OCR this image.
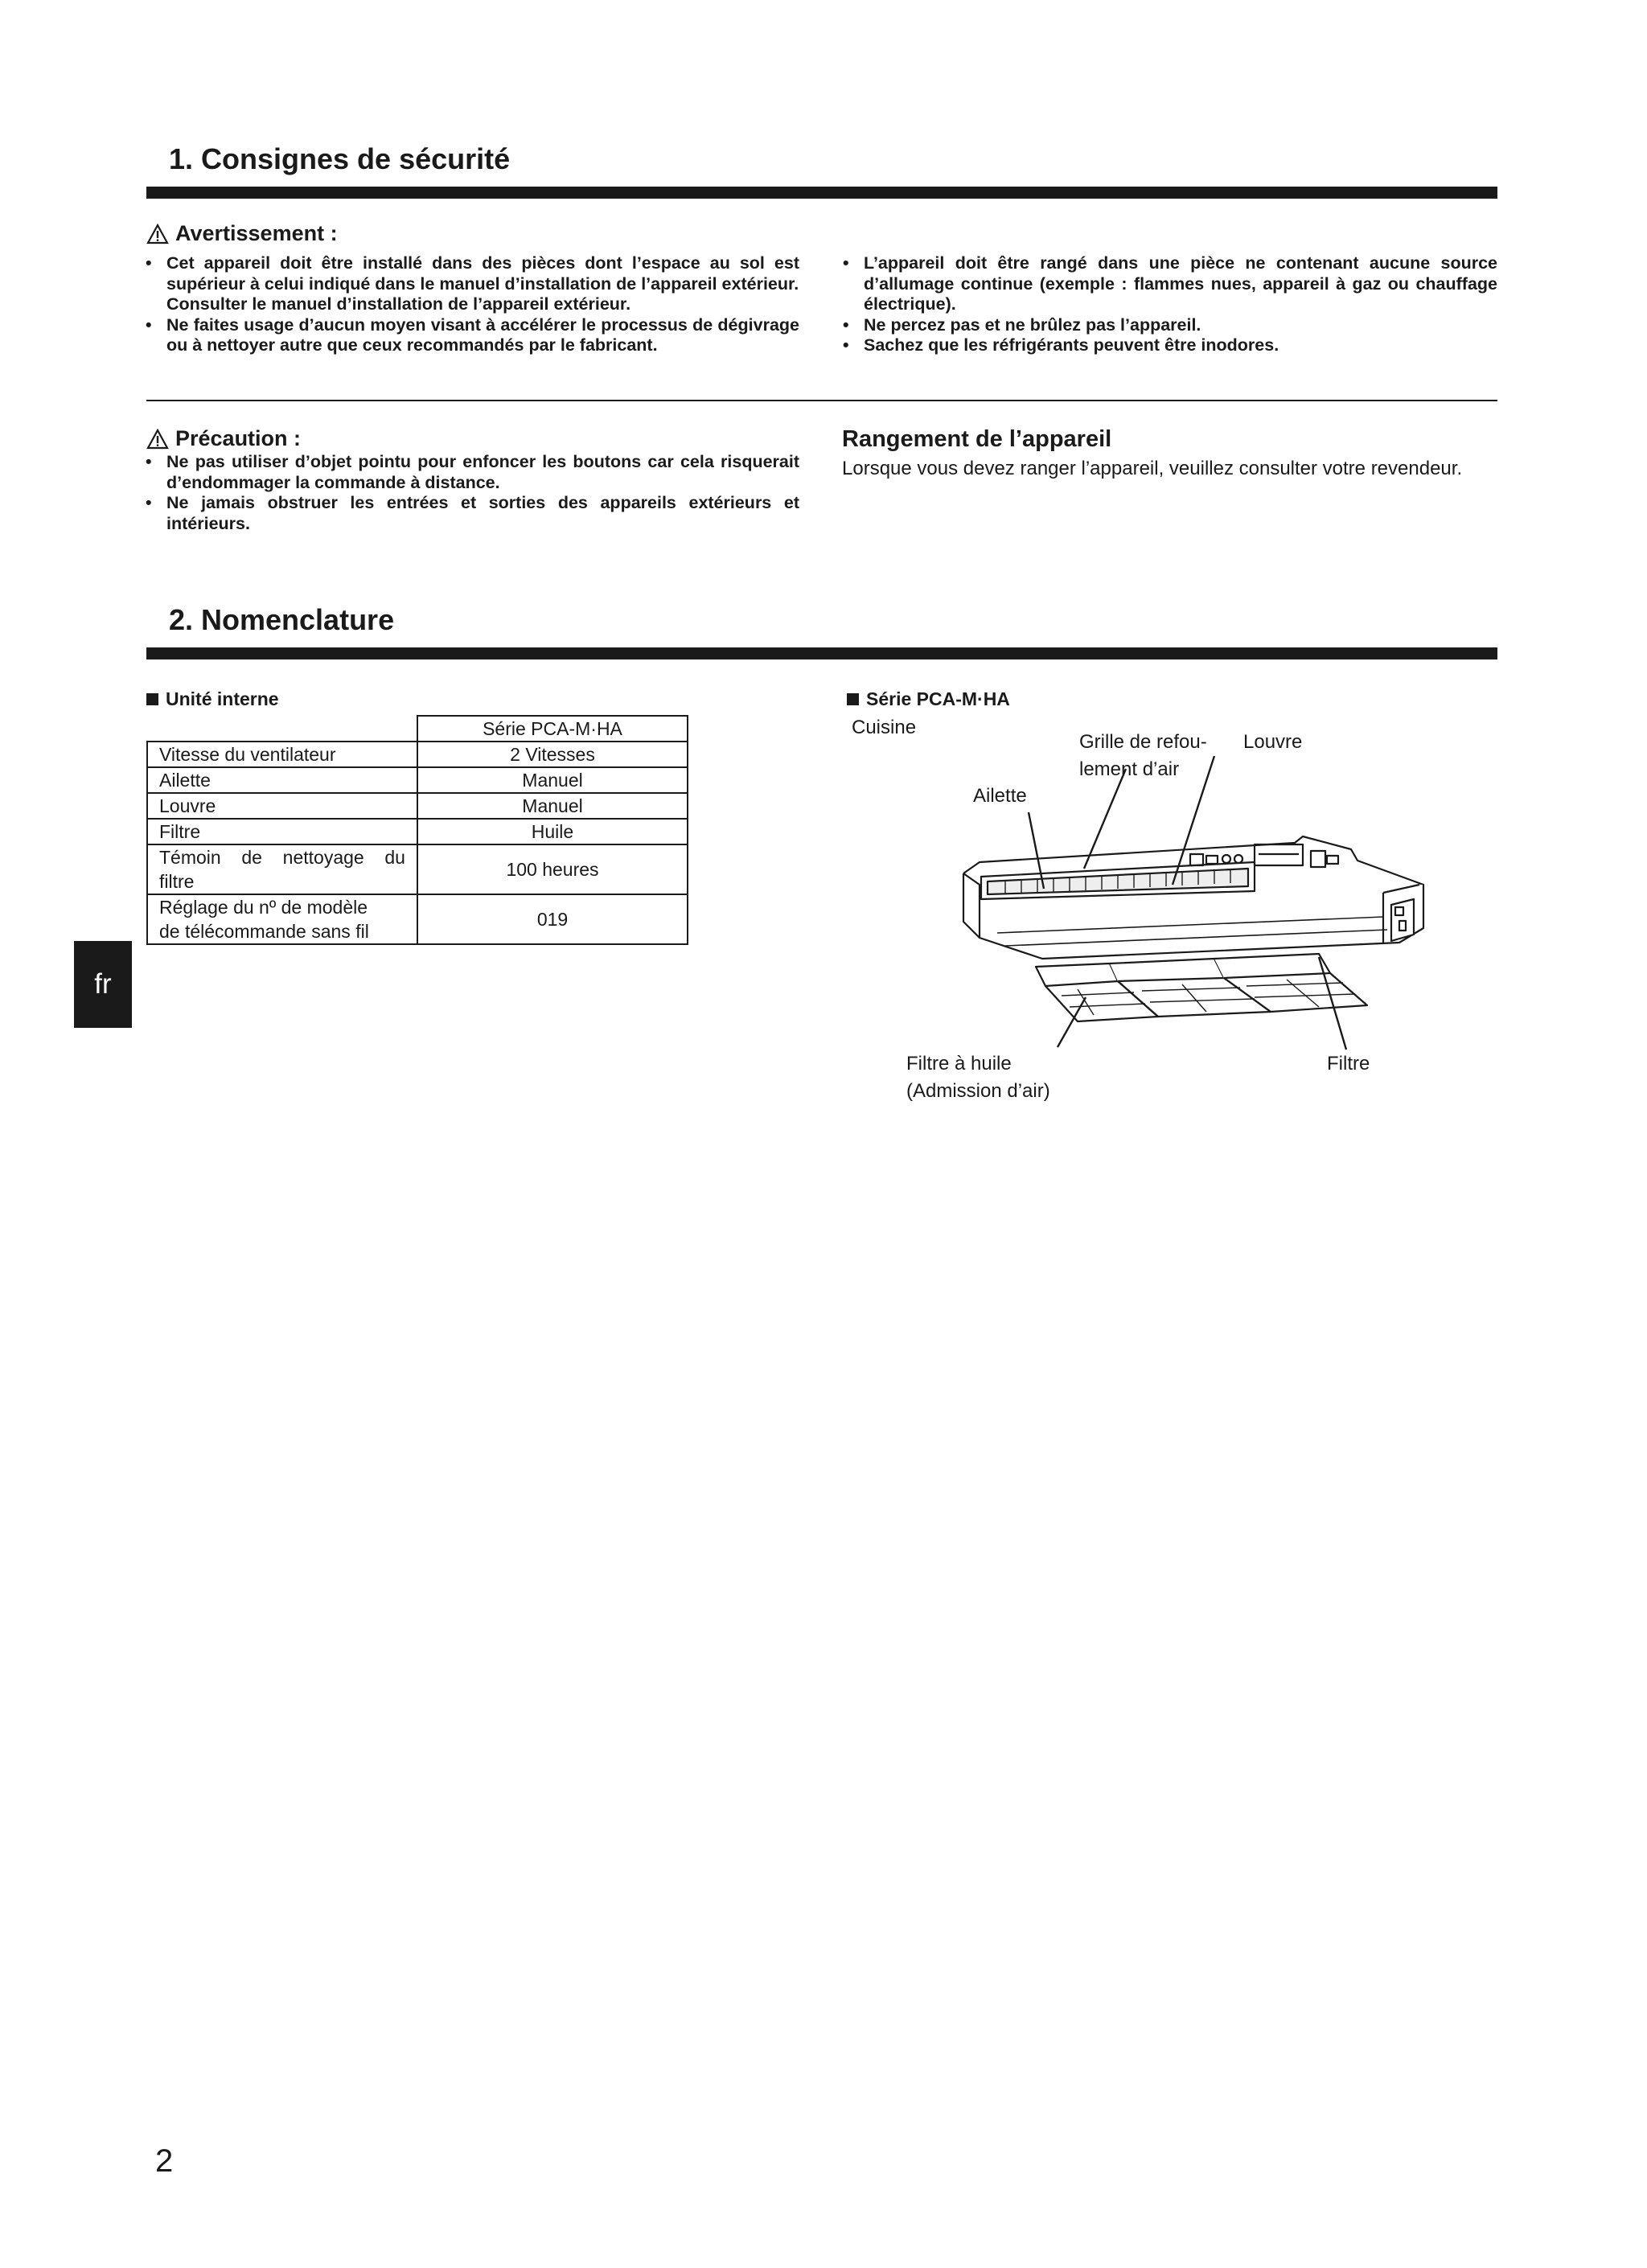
1. Consignes de sécurité
Avertissement :
• Cet appareil doit être installé dans des pièces dont l’espace au sol est supérieur à celui indiqué dans le manuel d’installation de l’appareil extérieur.
Consulter le manuel d’installation de l’appareil extérieur.
• Ne faites usage d’aucun moyen visant à accélérer le processus de dégivrage ou à nettoyer autre que ceux recommandés par le fabricant.
• L’appareil doit être rangé dans une pièce ne contenant aucune source d’allumage continue (exemple : flammes nues, appareil à gaz ou chauffage électrique).
• Ne percez pas et ne brûlez pas l’appareil.
• Sachez que les réfrigérants peuvent être inodores.
Précaution :
• Ne pas utiliser d’objet pointu pour enfoncer les boutons car cela risquerait d’endommager la commande à distance.
• Ne jamais obstruer les entrées et sorties des appareils extérieurs et intérieurs.
Rangement de l’appareil
Lorsque vous devez ranger l’appareil, veuillez consulter votre revendeur.
2. Nomenclature
Unité interne
	Série PCA-M·HA
Vitesse du ventilateur	2 Vitesses
Ailette	Manuel
Louvre	Manuel
Filtre	Huile

Témoin de nettoyage du
filtre	100 heures

Réglage du nº de modèle
de télécommande sans fil	019
Série PCA-M·HA
Cuisine
Grille de refou-
lement d’air
Louvre
Ailette
Filtre à huile
(Admission d’air)
Filtre
fr
2
